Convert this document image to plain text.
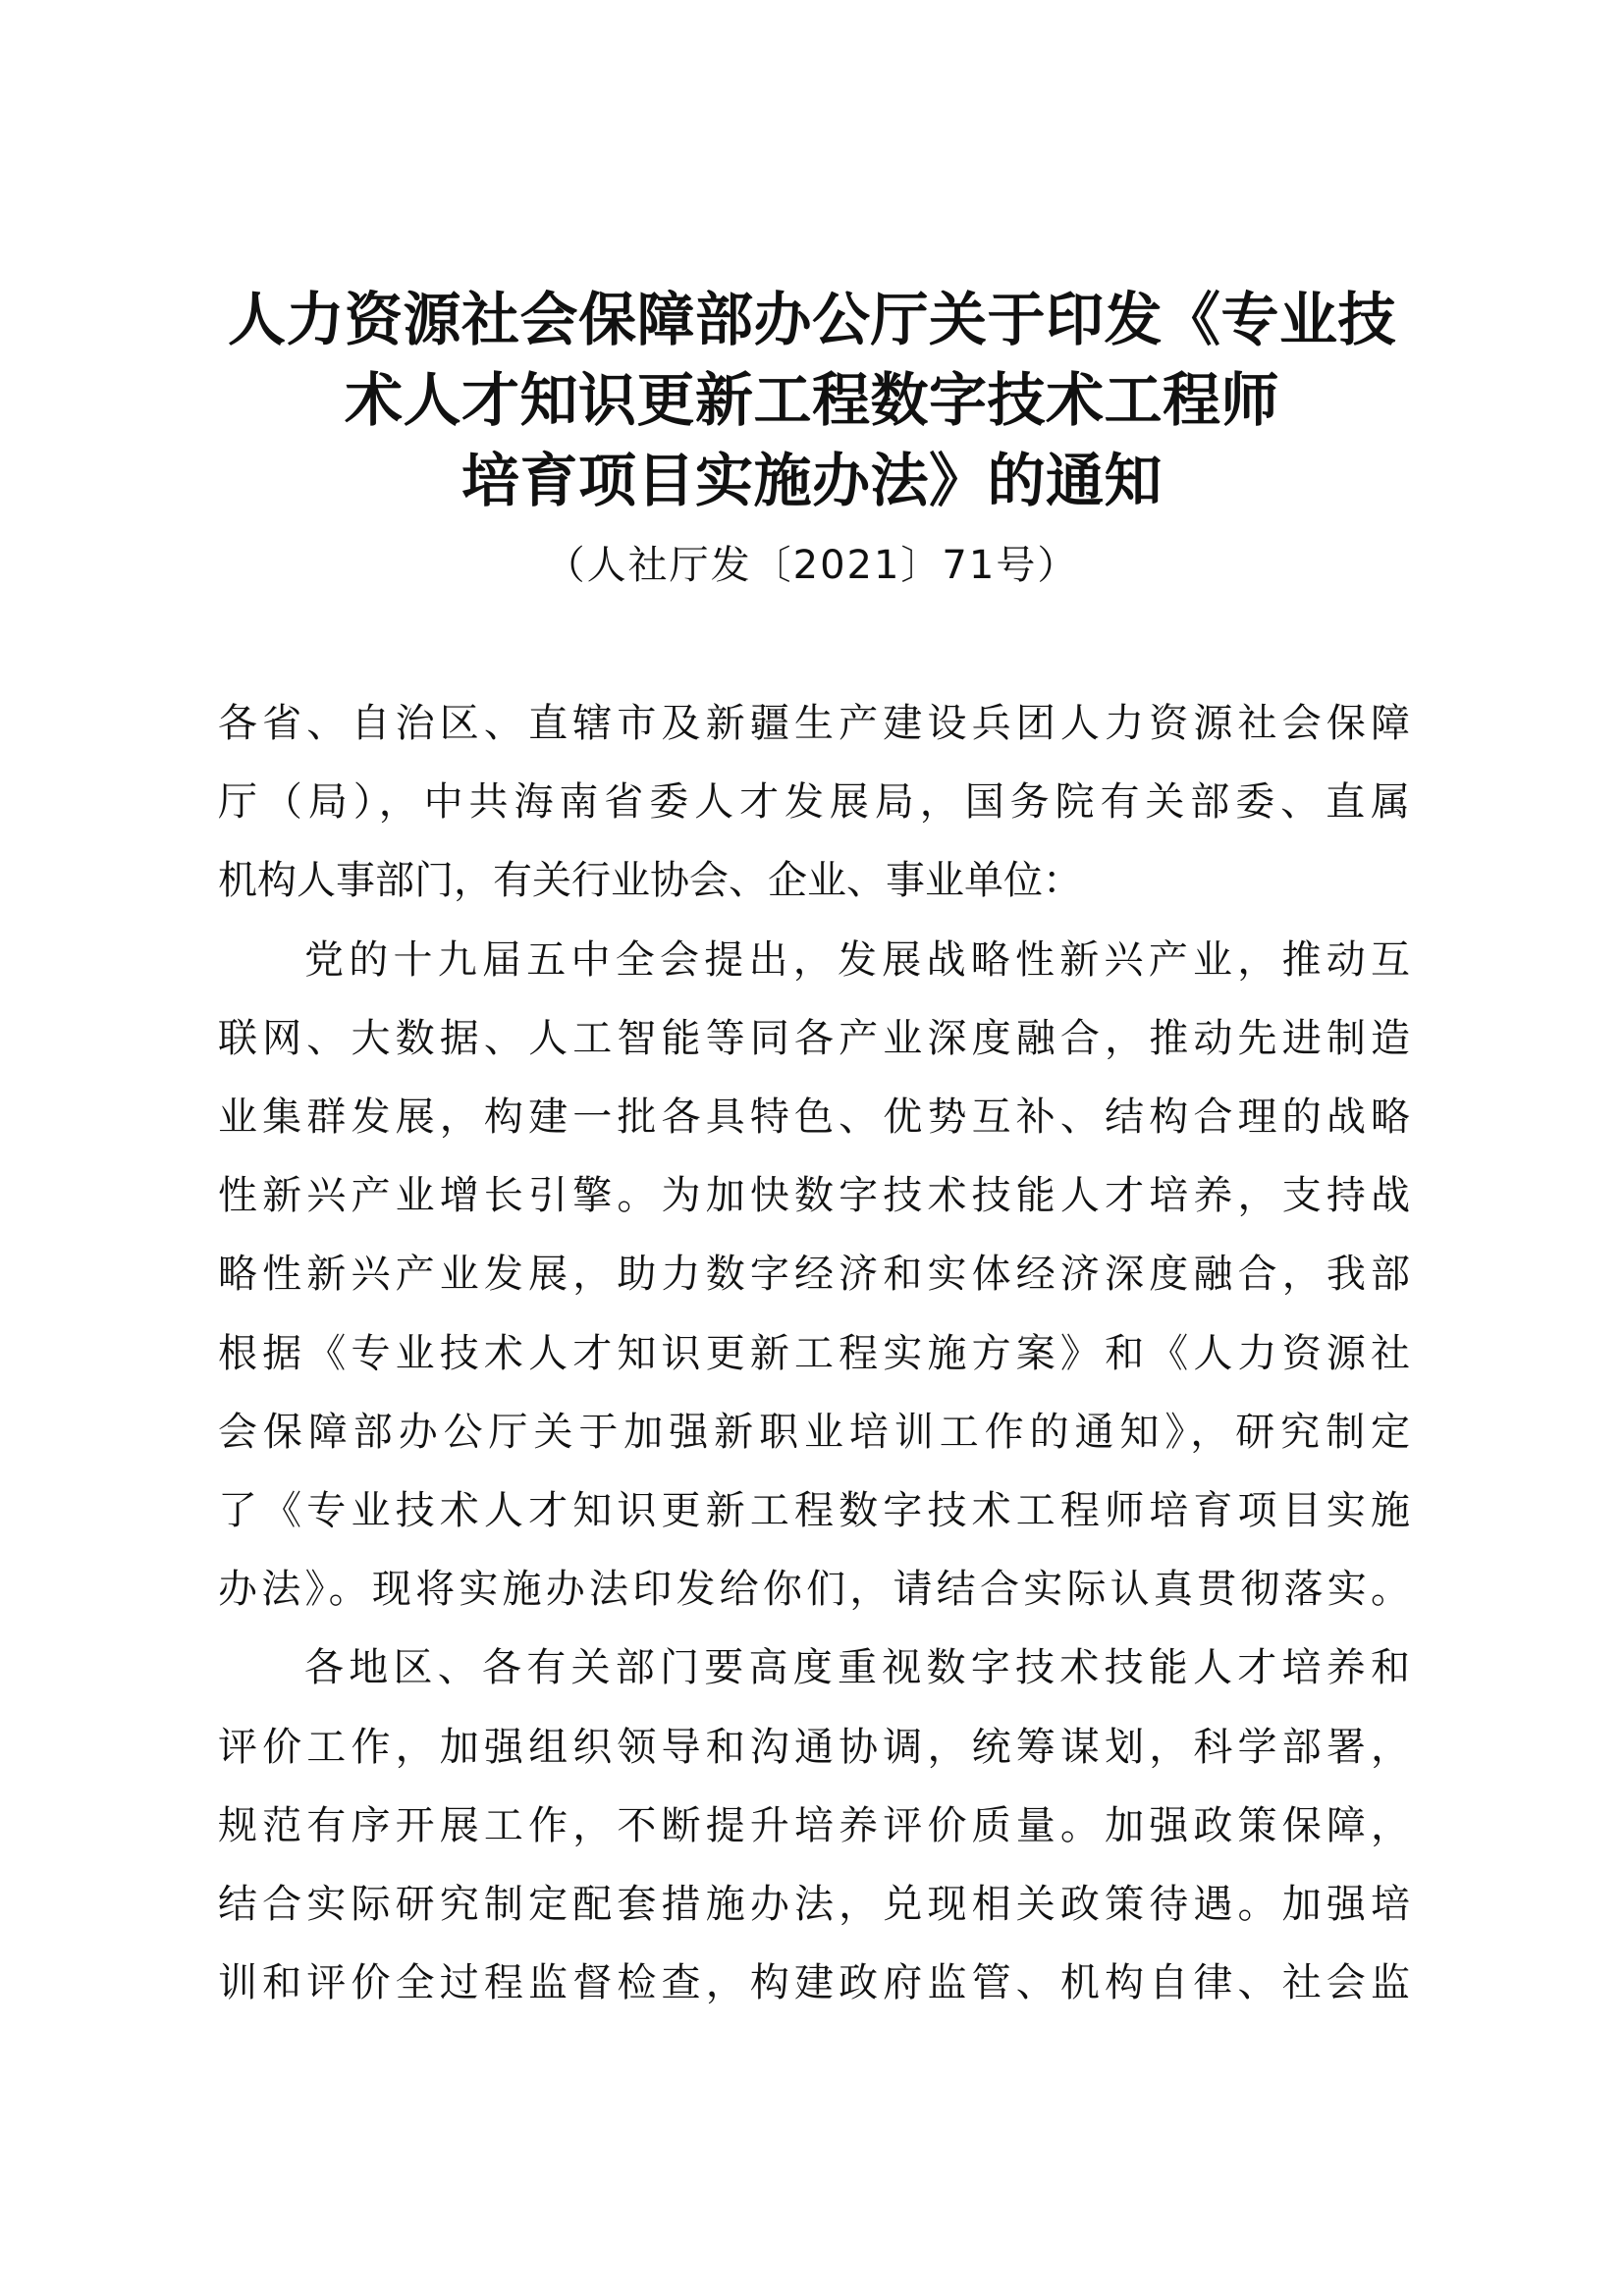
人力资源社会保障部办公厅关于印发《专业技
术人才知识更新工程数字技术工程师
培育项目实施办法》的通知
（人社厅发〔2021〕71号）

各省、自治区、直辖市及新疆生产建设兵团人力资源社会保障
厅（局），中共海南省委人才发展局，国务院有关部委、直属
机构人事部门，有关行业协会、企业、事业单位：

党的十九届五中全会提出，发展战略性新兴产业，推动互
联网、大数据、人工智能等同各产业深度融合，推动先进制造
业集群发展，构建一批各具特色、优势互补、结构合理的战略
性新兴产业增长引擎。为加快数字技术技能人才培养，支持战
略性新兴产业发展，助力数字经济和实体经济深度融合，我部
根据《专业技术人才知识更新工程实施方案》和《人力资源社
会保障部办公厅关于加强新职业培训工作的通知》，研究制定
了《专业技术人才知识更新工程数字技术工程师培育项目实施
办法》。现将实施办法印发给你们，请结合实际认真贯彻落实。

各地区、各有关部门要高度重视数字技术技能人才培养和
评价工作，加强组织领导和沟通协调，统筹谋划，科学部署，
规范有序开展工作，不断提升培养评价质量。加强政策保障，
结合实际研究制定配套措施办法，兑现相关政策待遇。加强培
训和评价全过程监督检查，构建政府监管、机构自律、社会监
